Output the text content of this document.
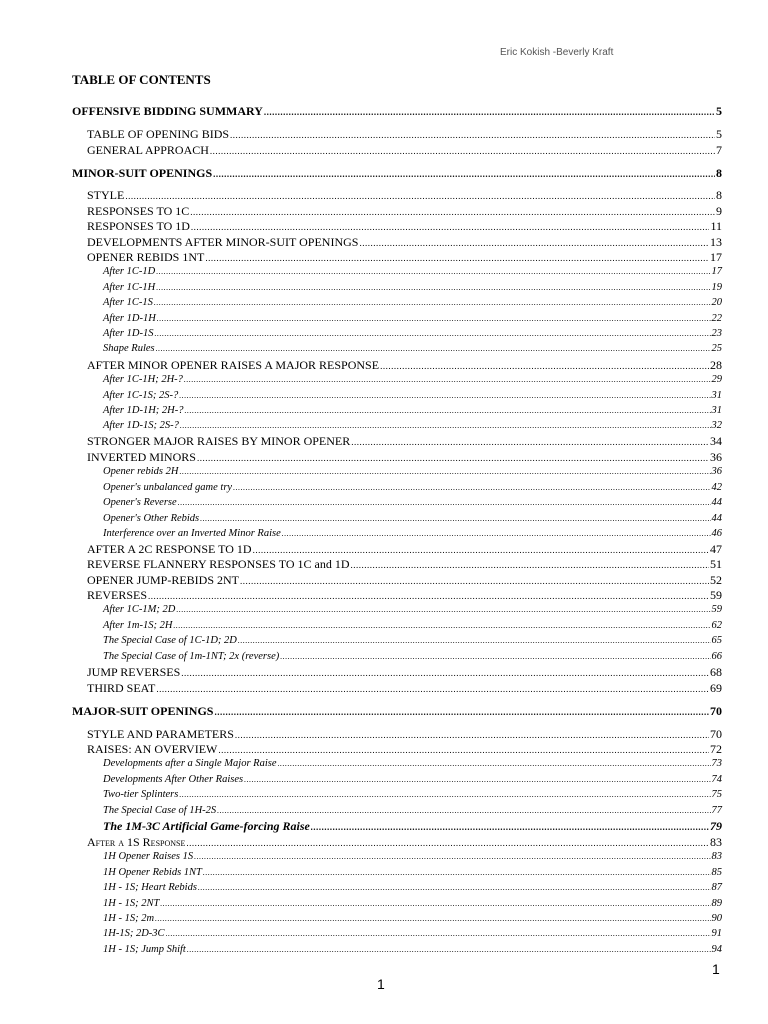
Eric Kokish -Beverly Kraft
TABLE OF CONTENTS
OFFENSIVE BIDDING SUMMARY .....	5
TABLE OF OPENING BIDS .....	5
GENERAL APPROACH .....	7
MINOR-SUIT OPENINGS .....	8
STYLE .....	8
RESPONSES TO 1C .....	9
RESPONSES TO 1D .....	11
DEVELOPMENTS AFTER MINOR-SUIT OPENINGS .....	13
OPENER REBIDS 1NT .....	17
After 1C-1D .....	17
After 1C-1H .....	19
After 1C-1S .....	20
After 1D-1H .....	22
After 1D-1S .....	23
Shape Rules .....	25
AFTER MINOR OPENER RAISES A MAJOR RESPONSE .....	28
After 1C-1H; 2H-? .....	29
After 1C-1S; 2S-? .....	31
After 1D-1H; 2H-? .....	31
After 1D-1S; 2S-? .....	32
STRONGER MAJOR RAISES BY MINOR OPENER .....	34
INVERTED MINORS .....	36
Opener rebids 2H .....	36
Opener's unbalanced game try .....	42
Opener's Reverse .....	44
Opener's Other Rebids .....	44
Interference over an Inverted Minor Raise .....	46
AFTER A 2C RESPONSE TO 1D .....	47
REVERSE FLANNERY RESPONSES TO 1C and 1D .....	51
OPENER JUMP-REBIDS 2NT .....	52
REVERSES .....	59
After 1C-1M; 2D .....	59
After 1m-1S; 2H .....	62
The Special Case of 1C-1D; 2D .....	65
The Special Case of 1m-1NT; 2x (reverse) .....	66
JUMP REVERSES .....	68
THIRD SEAT .....	69
MAJOR-SUIT OPENINGS .....	70
STYLE AND PARAMETERS .....	70
RAISES: AN OVERVIEW .....	72
Developments after a Single Major Raise .....	73
Developments After Other Raises .....	74
Two-tier Splinters .....	75
The Special Case of 1H-2S .....	77
The 1M-3C Artificial Game-forcing Raise .....	79
After a 1S Response .....	83
1H Opener Raises 1S .....	83
1H Opener Rebids 1NT .....	85
1H - 1S; Heart Rebids .....	87
1H - 1S; 2NT .....	89
1H - 1S; 2m .....	90
1H-1S; 2D-3C .....	91
1H - 1S; Jump Shift .....	94
1
1
